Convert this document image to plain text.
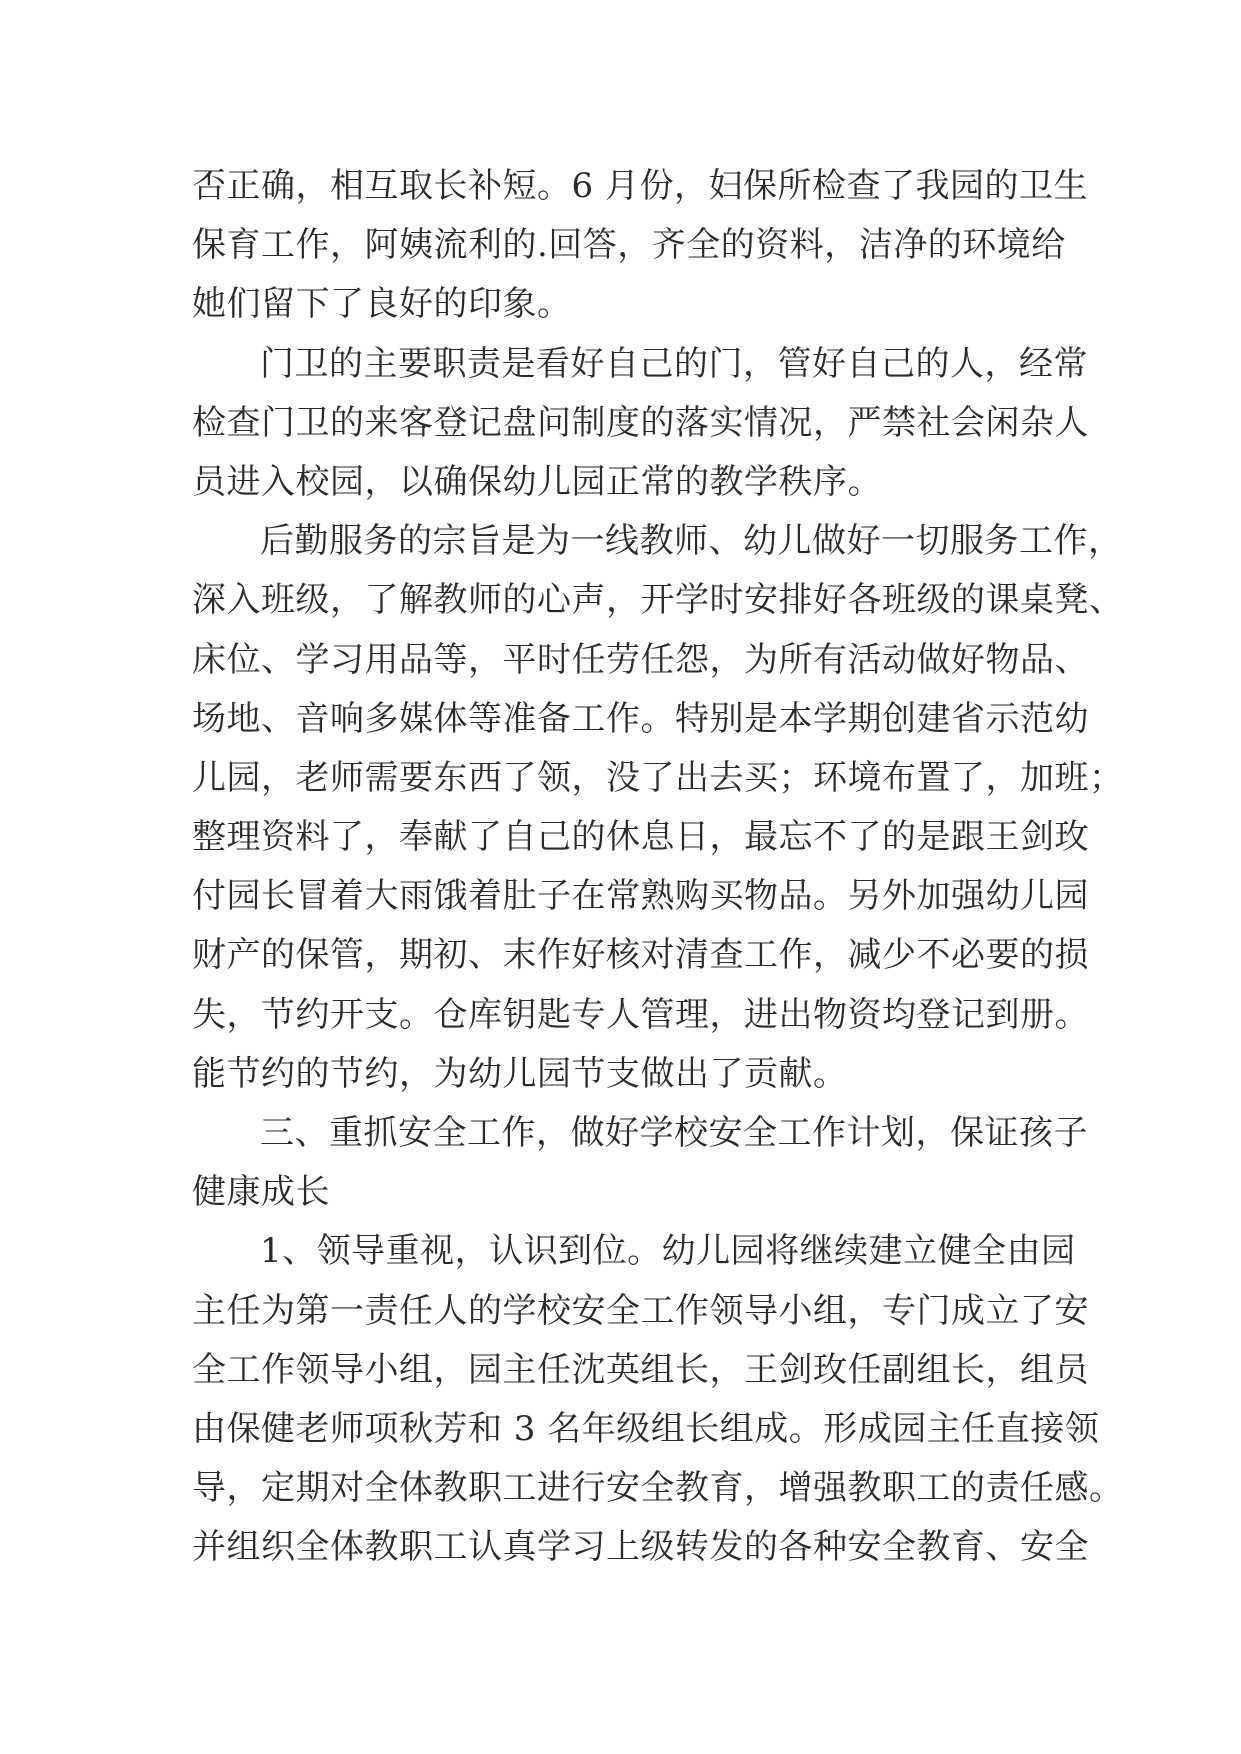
否正确，相互取长补短。6 月份，妇保所检查了我园的卫生
保育工作，阿姨流利的.回答，齐全的资料，洁净的环境给
她们留下了良好的印象。
门卫的主要职责是看好自己的门，管好自己的人，经常
检查门卫的来客登记盘问制度的落实情况，严禁社会闲杂人
员进入校园，以确保幼儿园正常的教学秩序。
后勤服务的宗旨是为一线教师、幼儿做好一切服务工作，
深入班级，了解教师的心声，开学时安排好各班级的课桌凳、
床位、学习用品等，平时任劳任怨，为所有活动做好物品、
场地、音响多媒体等准备工作。特别是本学期创建省示范幼
儿园，老师需要东西了领，没了出去买；环境布置了，加班；
整理资料了，奉献了自己的休息日，最忘不了的是跟王剑玫
付园长冒着大雨饿着肚子在常熟购买物品。另外加强幼儿园
财产的保管，期初、末作好核对清查工作，减少不必要的损
失，节约开支。仓库钥匙专人管理，进出物资均登记到册。
能节约的节约，为幼儿园节支做出了贡献。
三、重抓安全工作，做好学校安全工作计划，保证孩子
健康成长
1、领导重视，认识到位。幼儿园将继续建立健全由园
主任为第一责任人的学校安全工作领导小组，专门成立了安
全工作领导小组，园主任沈英组长，王剑玫任副组长，组员
由保健老师项秋芳和 3 名年级组长组成。形成园主任直接领
导，定期对全体教职工进行安全教育，增强教职工的责任感。
并组织全体教职工认真学习上级转发的各种安全教育、安全
